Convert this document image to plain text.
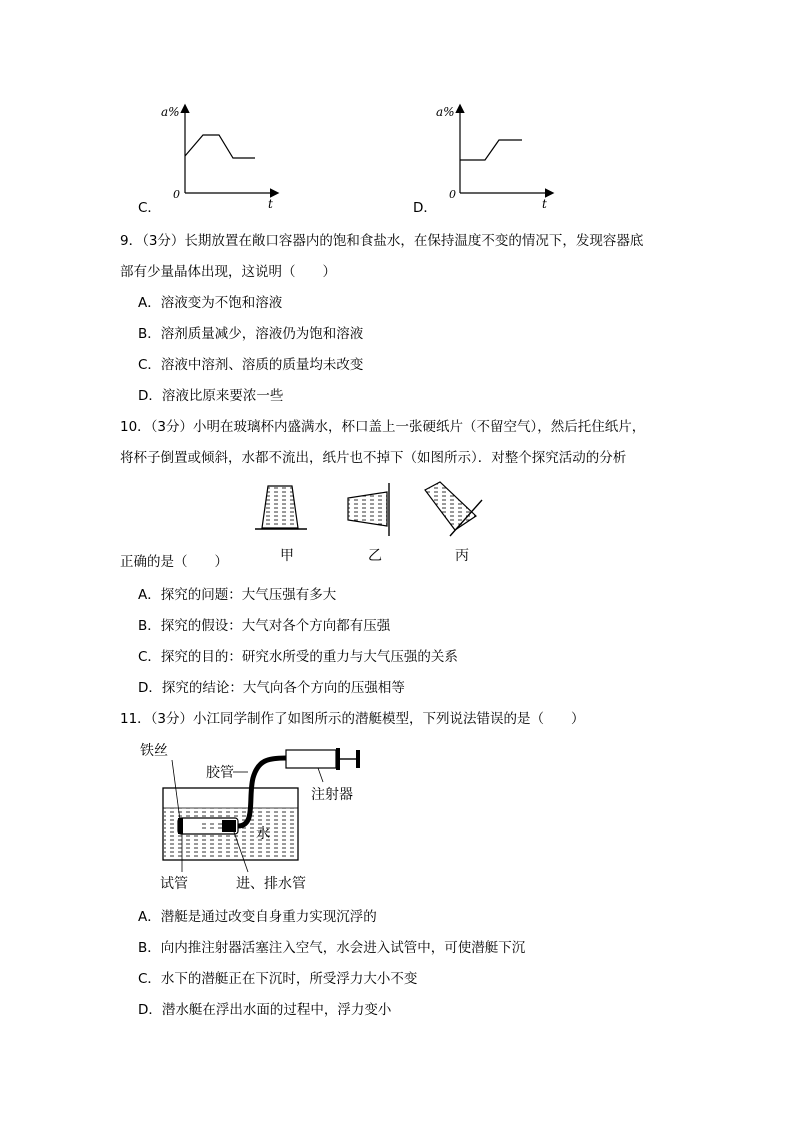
C．
a%
0
t	D．
a%
0
t
9．（3分）长期放置在敞口容器内的饱和食盐水，在保持温度不变的情况下，发现容器底
部有少量晶体出现，这说明（　　）
A．溶液变为不饱和溶液
B．溶剂质量减少，溶液仍为饱和溶液
C．溶液中溶剂、溶质的质量均未改变
D．溶液比原来要浓一些
10．（3分）小明在玻璃杯内盛满水，杯口盖上一张硬纸片（不留空气），然后托住纸片，
将杯子倒置或倾斜，水都不流出，纸片也不掉下（如图所示）．对整个探究活动的分析
正确的是（　　）	甲	乙	丙
A．探究的问题：大气压强有多大
B．探究的假设：大气对各个方向都有压强
C．探究的目的：研究水所受的重力与大气压强的关系
D．探究的结论：大气向各个方向的压强相等
11．（3分）小江同学制作了如图所示的潜艇模型，下列说法错误的是（　　）
铁丝
胶管
注射器
水
试管	进、排水管
A．潜艇是通过改变自身重力实现沉浮的
B．向内推注射器活塞注入空气，水会进入试管中，可使潜艇下沉
C．水下的潜艇正在下沉时，所受浮力大小不变
D．潜水艇在浮出水面的过程中，浮力变小
